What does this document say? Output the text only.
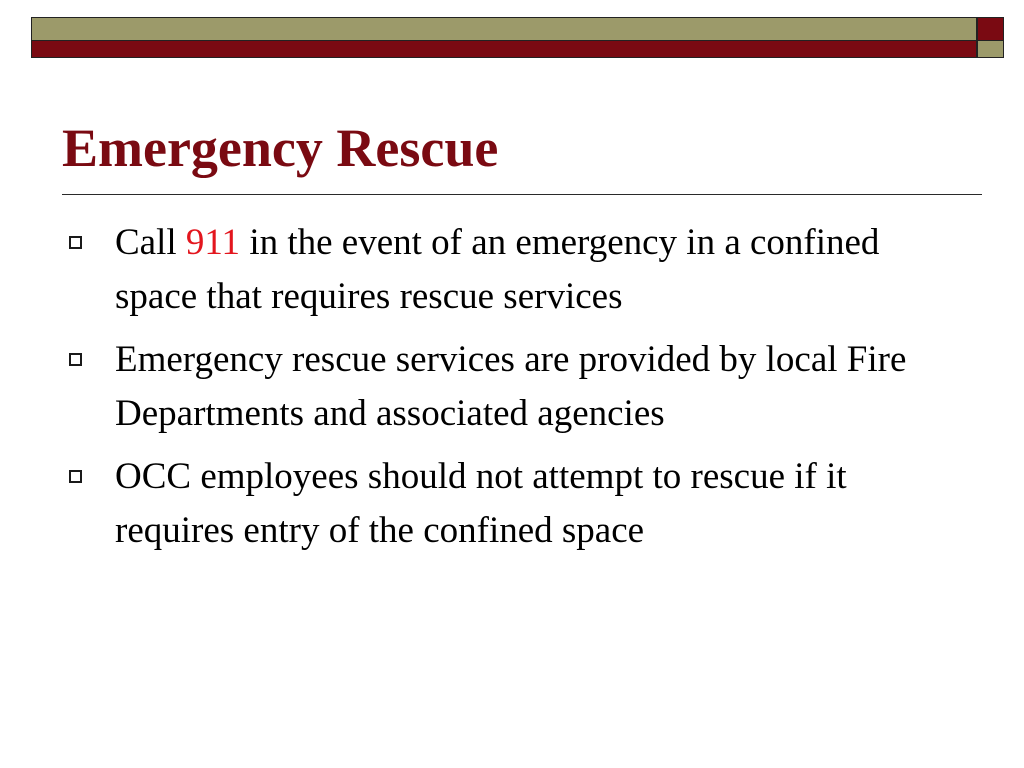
Emergency Rescue
Call 911 in the event of an emergency in a confined space that requires rescue services
Emergency rescue services are provided by local Fire Departments and associated agencies
OCC employees should not attempt to rescue if it requires entry of the confined space
